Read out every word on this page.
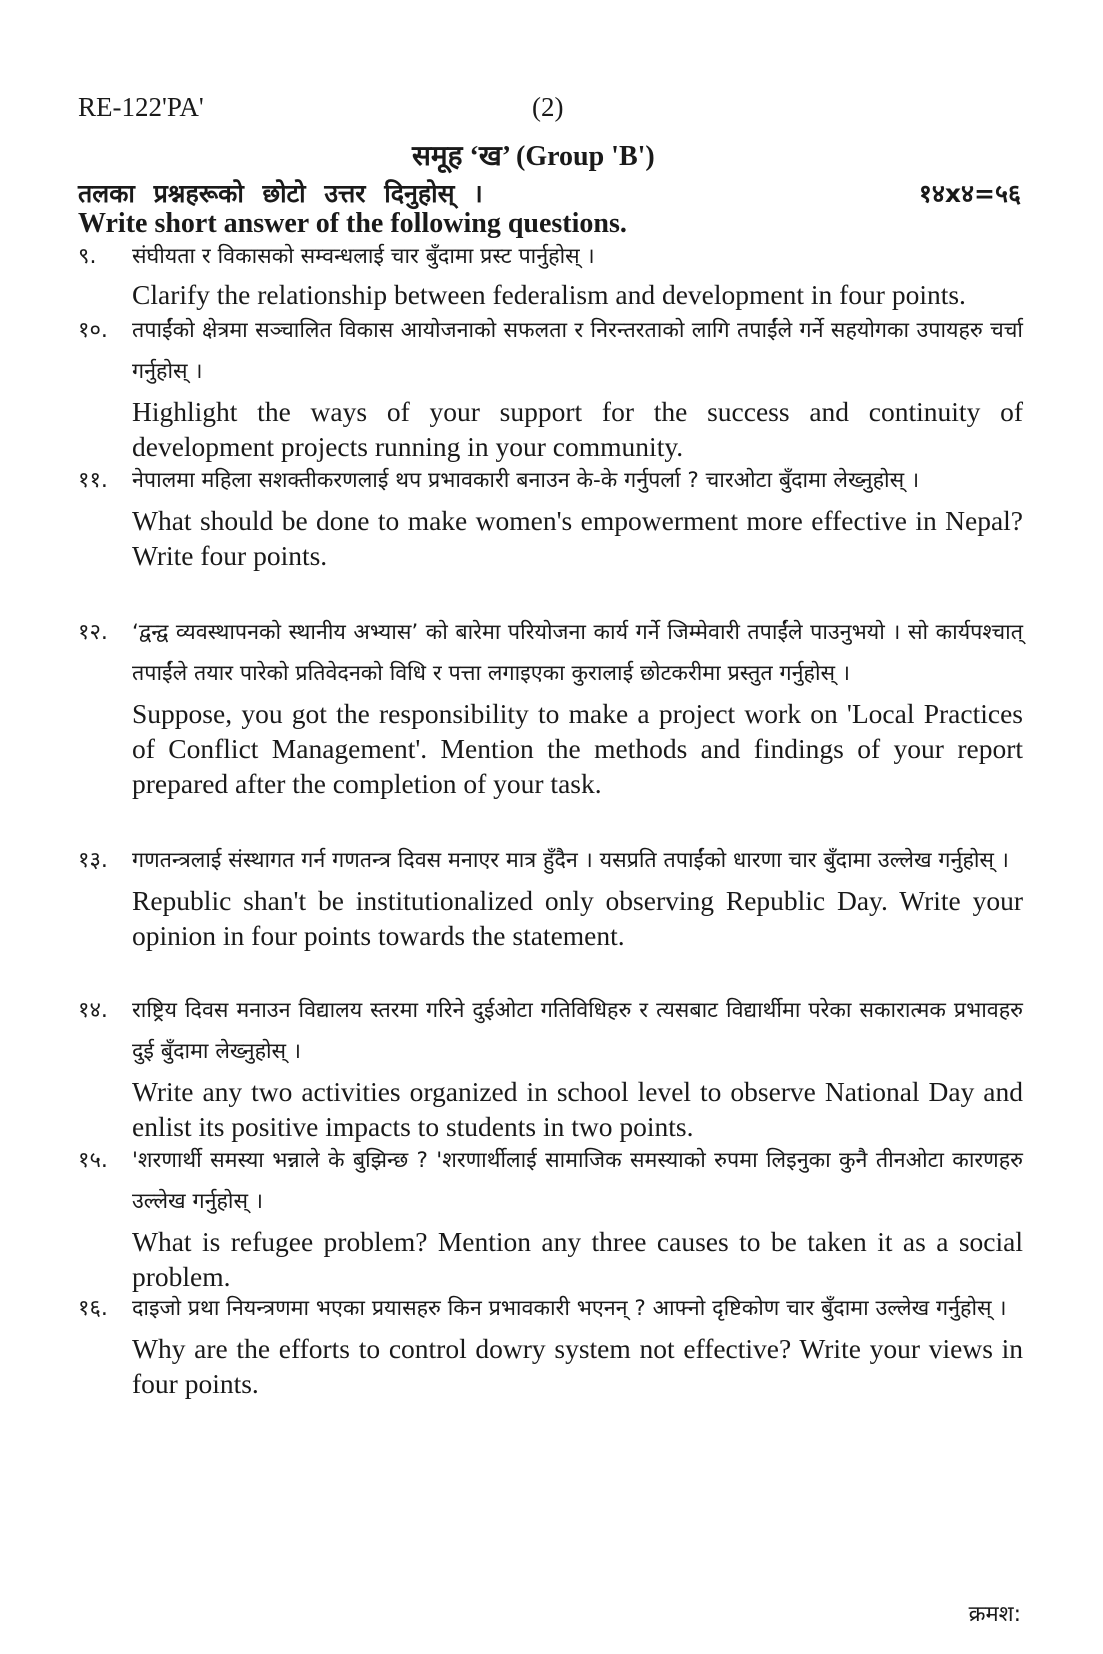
RE-122'PA'	(2)
समूह ‘ख’ (Group 'B')
तलका प्रश्नहरूको छोटो उत्तर दिनुहोस् ।	१४x४=५६
Write short answer of the following questions.
९.	संघीयता र विकासको सम्वन्धलाई चार बुँदामा प्रस्ट पार्नुहोस् ।
Clarify the relationship between federalism and development in four points.
१०.	तपाईंको क्षेत्रमा सञ्चालित विकास आयोजनाको सफलता र निरन्तरताको लागि तपाईंले गर्ने सहयोगका उपायहरु चर्चा गर्नुहोस् ।
Highlight the ways of your support for the success and continuity of development projects running in your community.
११.	नेपालमा महिला सशक्तीकरणलाई थप प्रभावकारी बनाउन के-के गर्नुपर्ला ? चारओटा बुँदामा लेख्नुहोस् ।
What should be done to make women's empowerment more effective in Nepal? Write four points.
१२.	‘द्वन्द्व व्यवस्थापनको स्थानीय अभ्यास’ को बारेमा परियोजना कार्य गर्ने जिम्मेवारी तपाईंले पाउनुभयो । सो कार्यपश्चात् तपाईंले तयार पारेको प्रतिवेदनको विधि र पत्ता लगाइएका कुरालाई छोटकरीमा प्रस्तुत गर्नुहोस् ।
Suppose, you got the responsibility to make a project work on 'Local Practices of Conflict Management'. Mention the methods and findings of your report prepared after the completion of your task.
१३.	गणतन्त्रलाई संस्थागत गर्न गणतन्त्र दिवस मनाएर मात्र हुँदैन । यसप्रति तपाईंको धारणा चार बुँदामा उल्लेख गर्नुहोस् ।
Republic shan't be institutionalized only observing Republic Day. Write your opinion in four points towards the statement.
१४.	राष्ट्रिय दिवस मनाउन विद्यालय स्तरमा गरिने दुईओटा गतिविधिहरु र त्यसबाट विद्यार्थीमा परेका सकारात्मक प्रभावहरु दुई बुँदामा लेख्नुहोस् ।
Write any two activities organized in school level to observe National Day and enlist its positive impacts to students in two points.
१५.	'शरणार्थी समस्या भन्नाले के बुझिन्छ ? 'शरणार्थीलाई सामाजिक समस्याको रुपमा लिइनुका कुनै तीनओटा कारणहरु उल्लेख गर्नुहोस् ।
What is refugee problem? Mention any three causes to be taken it as a social problem.
१६.	दाइजो प्रथा नियन्त्रणमा भएका प्रयासहरु किन प्रभावकारी भएनन् ? आफ्नो दृष्टिकोण चार बुँदामा उल्लेख गर्नुहोस् ।
Why are the efforts to control dowry system not effective? Write your views in four points.
क्रमश:
